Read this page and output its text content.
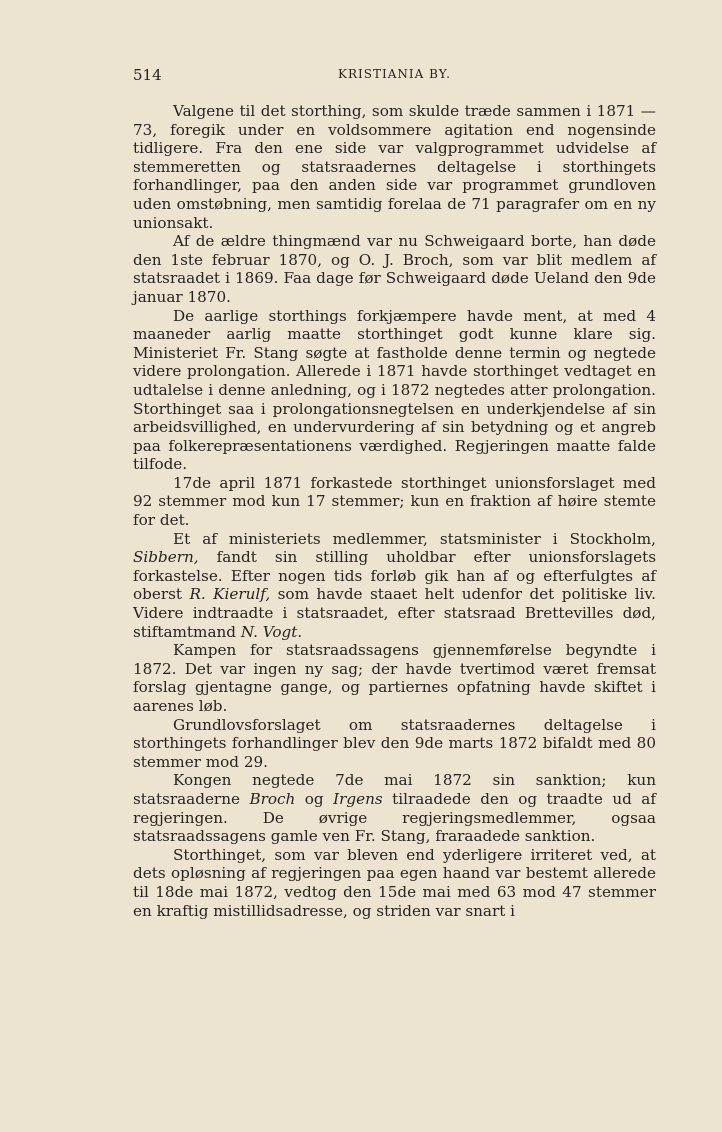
514	KRISTIANIA BY.

Valgene til det storthing, som skulde træde sammen i 1871 —73, foregik under en voldsommere agitation end nogensinde tidligere. Fra den ene side var valgprogrammet udvidelse af stemmeretten og statsraadernes deltagelse i storthingets forhandlinger, paa den anden side var programmet grundloven uden omstøbning, men samtidig forelaa de 71 paragrafer om en ny unionsakt.

Af de ældre thingmænd var nu Schweigaard borte, han døde den 1ste februar 1870, og O. J. Broch, som var blit medlem af statsraadet i 1869. Faa dage før Schweigaard døde Ueland den 9de januar 1870.

De aarlige storthings forkjæmpere havde ment, at med 4 maaneder aarlig maatte storthinget godt kunne klare sig. Ministeriet Fr. Stang søgte at fastholde denne termin og negtede videre prolongation. Allerede i 1871 havde storthinget vedtaget en udtalelse i denne anledning, og i 1872 negtedes atter prolongation. Storthinget saa i prolongationsnegtelsen en underkjendelse af sin arbeidsvillighed, en undervurdering af sin betydning og et angreb paa folkerepræsentationens værdighed. Regjeringen maatte falde tilfode.

17de april 1871 forkastede storthinget unionsforslaget med 92 stemmer mod kun 17 stemmer; kun en fraktion af høire stemte for det.

Et af ministeriets medlemmer, statsminister i Stockholm, Sibbern, fandt sin stilling uholdbar efter unionsforslagets forkastelse. Efter nogen tids forløb gik han af og efterfulgtes af oberst R. Kierulf, som havde staaet helt udenfor det politiske liv. Videre indtraadte i statsraadet, efter statsraad Brettevilles død, stiftamtmand N. Vogt.

Kampen for statsraadssagens gjennemførelse begyndte i 1872. Det var ingen ny sag; der havde tvertimod været fremsat forslag gjentagne gange, og partiernes opfatning havde skiftet i aarenes løb.

Grundlovsforslaget om statsraadernes deltagelse i storthingets forhandlinger blev den 9de marts 1872 bifaldt med 80 stemmer mod 29.

Kongen negtede 7de mai 1872 sin sanktion; kun statsraaderne Broch og Irgens tilraadede den og traadte ud af regjeringen. De øvrige regjeringsmedlemmer, ogsaa statsraadssagens gamle ven Fr. Stang, fraraadede sanktion.

Storthinget, som var bleven end yderligere irriteret ved, at dets opløsning af regjeringen paa egen haand var bestemt allerede til 18de mai 1872, vedtog den 15de mai med 63 mod 47 stemmer en kraftig mistillidsadresse, og striden var snart i
